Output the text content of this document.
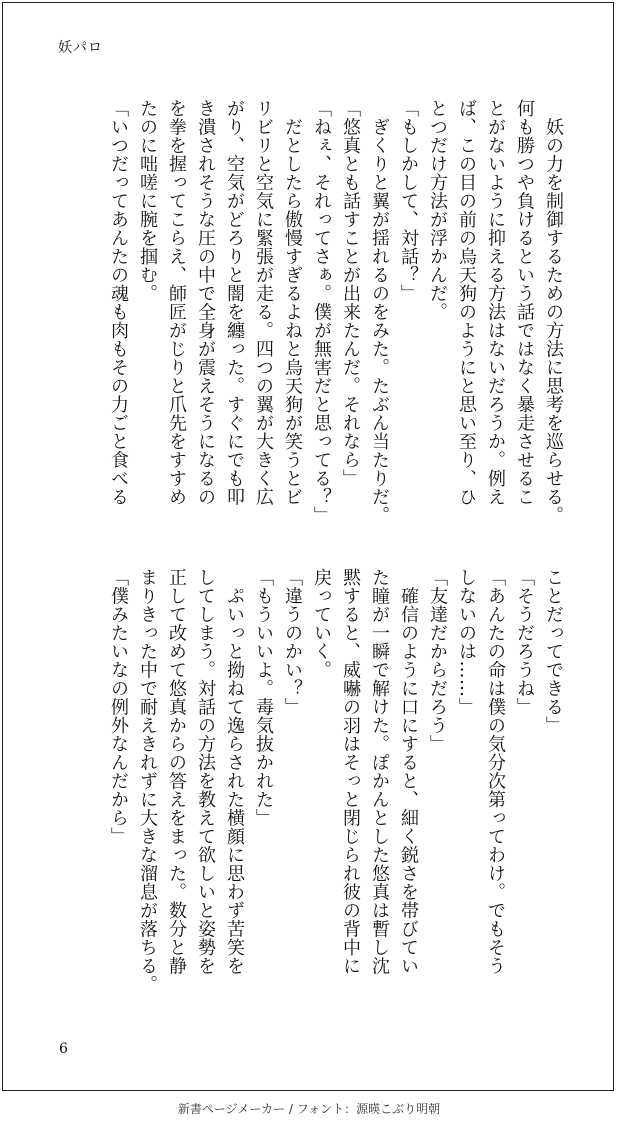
妖パロ
　妖の力を制御するための方法に思考を巡らせる。
何も勝つや負けるという話ではなく暴走させるこ
とがないように抑える方法はないだろうか。例え
ば、この目の前の烏天狗のようにと思い至り、ひ
とつだけ方法が浮かんだ。
「もしかして、対話？」
　ぎくりと翼が揺れるのをみた。たぶん当たりだ。
「悠真とも話すことが出来たんだ。それなら」
「ねぇ、それってさぁ。僕が無害だと思ってる？」
　だとしたら傲慢すぎるよねと烏天狗が笑うとビ
リビリと空気に緊張が走る。四つの翼が大きく広
がり、空気がどろりと闇を纏った。すぐにでも叩
き潰されそうな圧の中で全身が震えそうになるの
を拳を握ってこらえ、師匠がじりと爪先をすすめ
たのに咄嗟に腕を掴む。
「いつだってあんたの魂も肉もその力ごと食べる
ことだってできる」
「そうだろうね」
「あんたの命は僕の気分次第ってわけ。でもそう
しないのは……」
「友達だからだろう」
　確信のように口にすると、細く鋭さを帯びてい
た瞳が一瞬で解けた。ぽかんとした悠真は暫し沈
黙すると、威嚇の羽はそっと閉じられ彼の背中に
戻っていく。
「違うのかい？」
「もういいよ。毒気抜かれた」
　ぷいっと拗ねて逸らされた横顔に思わず苦笑を
してしまう。対話の方法を教えて欲しいと姿勢を
正して改めて悠真からの答えをまった。数分と静
まりきった中で耐えきれずに大きな溜息が落ちる。
「僕みたいなの例外なんだから」
6
新書ページメーカー / フォント：源暎こぶり明朝
